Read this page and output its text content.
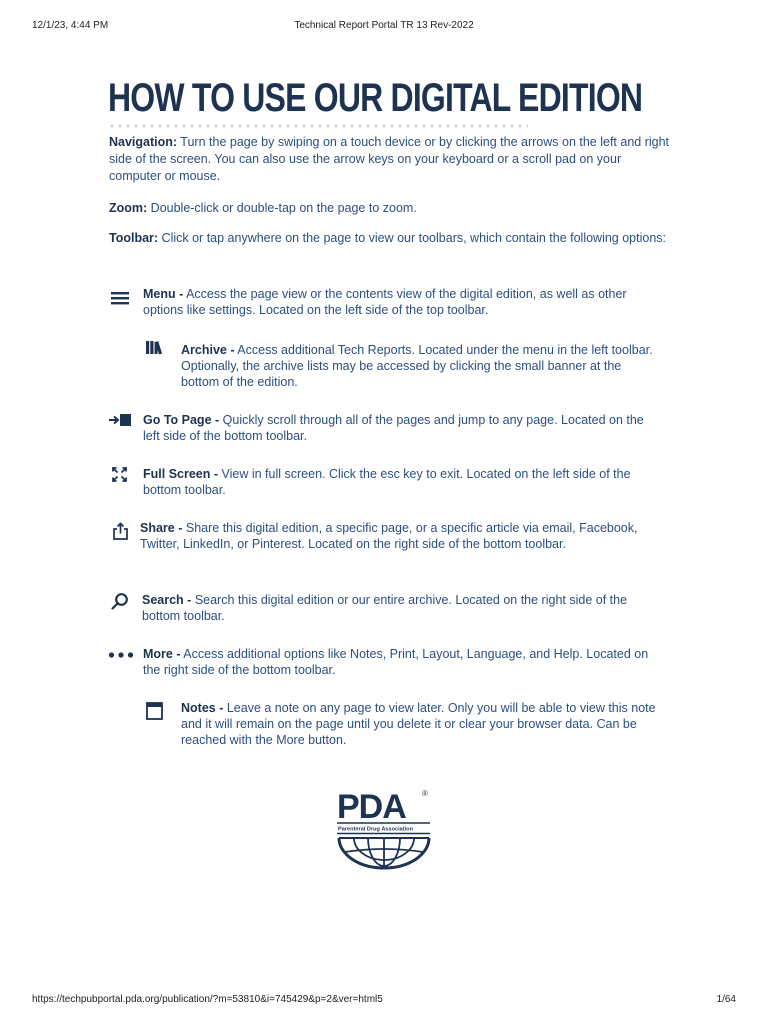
12/1/23, 4:44 PM	Technical Report Portal TR 13 Rev-2022
HOW TO USE OUR DIGITAL EDITION

Navigation: Turn the page by swiping on a touch device or by clicking the arrows on the left and right side of the screen. You can also use the arrow keys on your keyboard or a scroll pad on your computer or mouse.

Zoom: Double-click or double-tap on the page to zoom.

Toolbar: Click or tap anywhere on the page to view our toolbars, which contain the following options:

Menu - Access the page view or the contents view of the digital edition, as well as other options like settings. Located on the left side of the top toolbar.

Archive - Access additional Tech Reports. Located under the menu in the left toolbar. Optionally, the archive lists may be accessed by clicking the small banner at the bottom of the edition.

Go To Page - Quickly scroll through all of the pages and jump to any page. Located on the left side of the bottom toolbar.

Full Screen - View in full screen. Click the esc key to exit. Located on the left side of the bottom toolbar.

Share - Share this digital edition, a specific page, or a specific article via email, Facebook, Twitter, LinkedIn, or Pinterest. Located on the right side of the bottom toolbar.

Search - Search this digital edition or our entire archive. Located on the right side of the bottom toolbar.

More - Access additional options like Notes, Print, Layout, Language, and Help. Located on the right side of the bottom toolbar.

Notes - Leave a note on any page to view later. Only you will be able to view this note and it will remain on the page until you delete it or clear your browser data. Can be reached with the More button.

PDA ®
Parenteral Drug Association
https://techpubportal.pda.org/publication/?m=53810&i=745429&p=2&ver=html5	1/64
